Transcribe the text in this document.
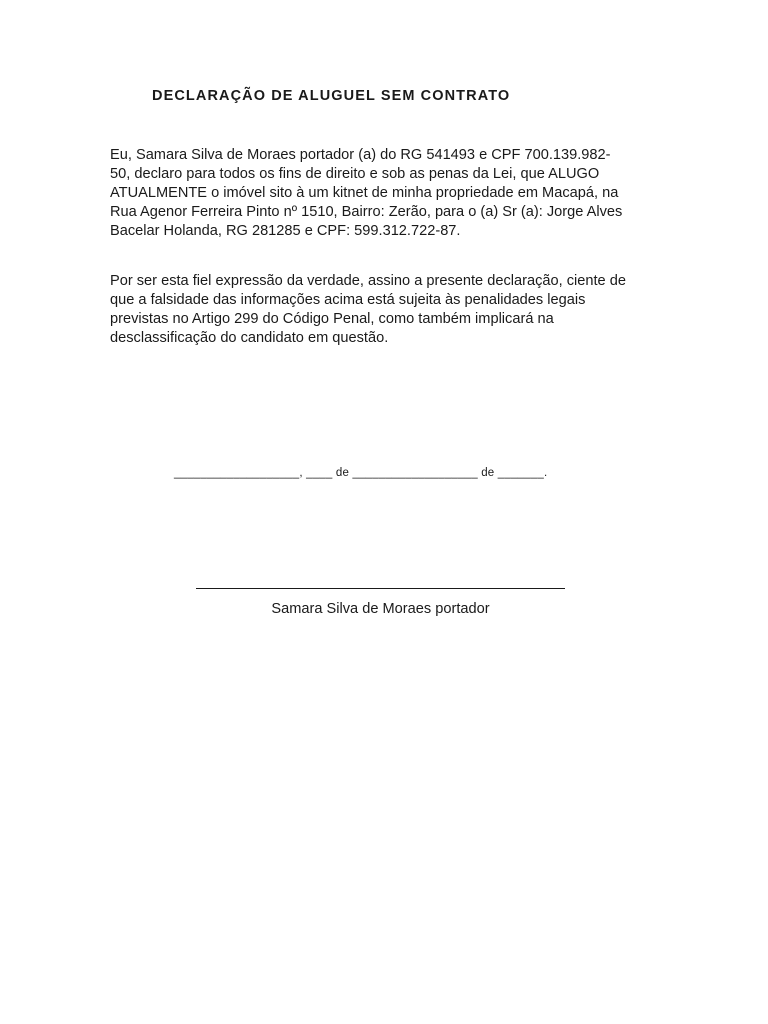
DECLARAÇÃO DE ALUGUEL SEM CONTRATO

Eu, Samara Silva de Moraes portador (a) do RG 541493 e CPF 700.139.982-
50, declaro para todos os fins de direito e sob as penas da Lei, que ALUGO
ATUALMENTE o imóvel sito à um kitnet de minha propriedade em Macapá, na
Rua Agenor Ferreira Pinto nº 1510, Bairro: Zerão, para o (a) Sr (a): Jorge Alves
Bacelar Holanda, RG 281285 e CPF: 599.312.722-87.

Por ser esta fiel expressão da verdade, assino a presente declaração, ciente de
que a falsidade das informações acima está sujeita às penalidades legais
previstas no Artigo 299 do Código Penal, como também implicará na
desclassificação do candidato em questão.

___________________, ____ de ___________________ de _______.
Samara Silva de Moraes portador
